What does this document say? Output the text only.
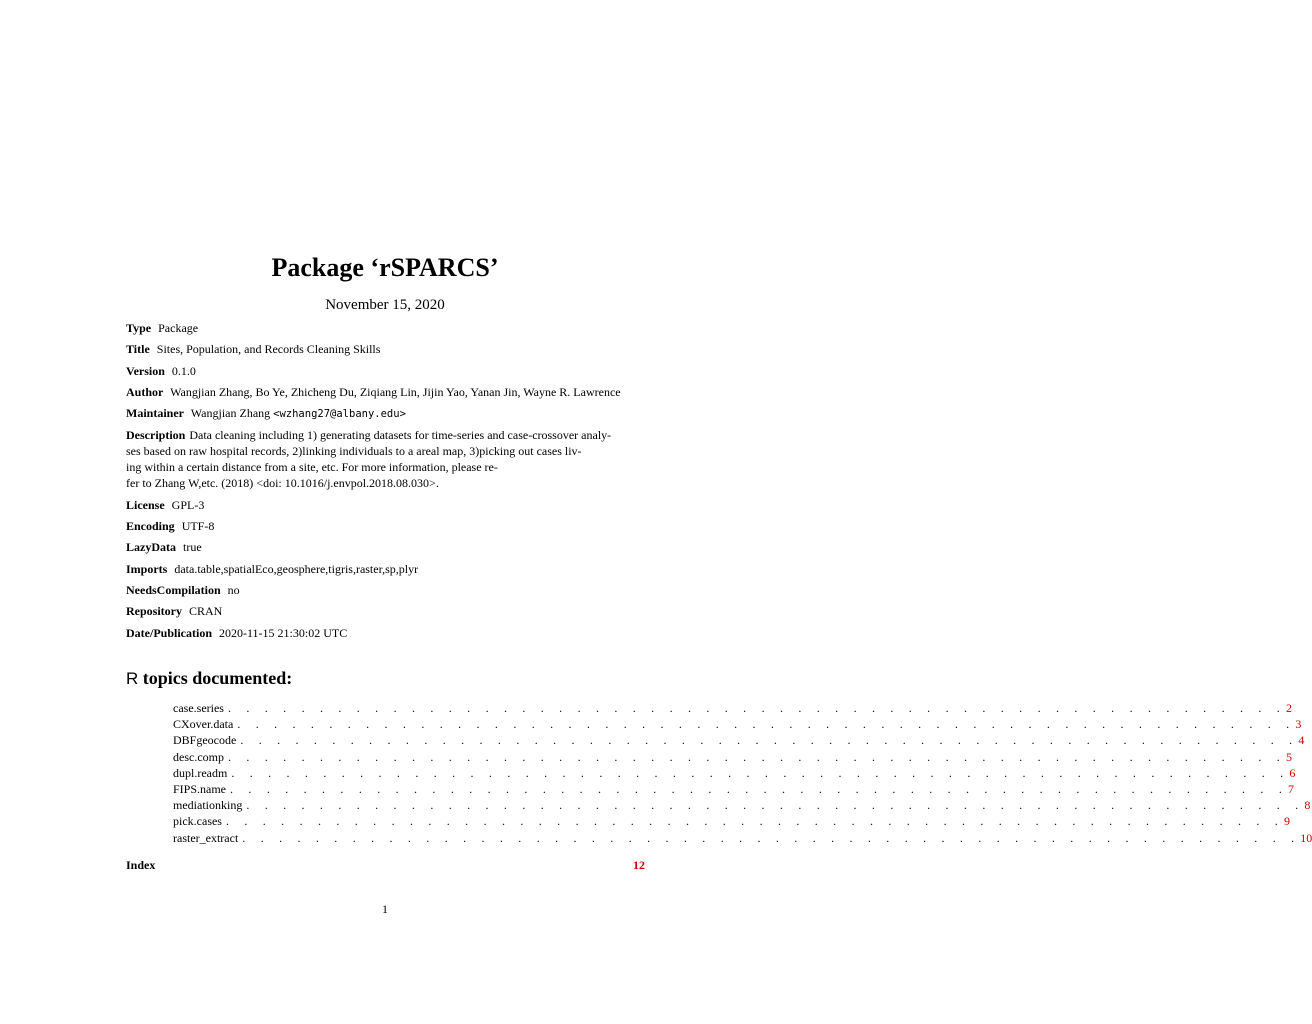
Package ‘rSPARCS’
November 15, 2020
Type Package
Title Sites, Population, and Records Cleaning Skills
Version 0.1.0
Author Wangjian Zhang, Bo Ye, Zhicheng Du, Ziqiang Lin, Jijin Yao, Yanan Jin, Wayne R. Lawrence
Maintainer Wangjian Zhang <wzhang27@albany.edu>
Description Data cleaning including 1) generating datasets for time-series and case-crossover analy-
ses based on raw hospital records, 2)linking individuals to a areal map, 3)picking out cases liv-
ing within a certain distance from a site, etc. For more information, please re-
fer to Zhang W,etc. (2018) <doi: 10.1016/j.envpol.2018.08.030>.
License GPL-3
Encoding UTF-8
LazyData true
Imports data.table,spatialEco,geosphere,tigris,raster,sp,plyr
NeedsCompilation no
Repository CRAN
Date/Publication 2020-11-15 21:30:02 UTC
R topics documented:
case.series . . . . . . . . . . . . . . . . . . . . . . . . . . . . . . . . . . . . . . . . . . . . . . . . . . . . . . . . . . 2
CXover.data . . . . . . . . . . . . . . . . . . . . . . . . . . . . . . . . . . . . . . . . . . . . . . . . . . . . . . . . . . 3
DBFgeocode . . . . . . . . . . . . . . . . . . . . . . . . . . . . . . . . . . . . . . . . . . . . . . . . . . . . . . . . . . 4
desc.comp . . . . . . . . . . . . . . . . . . . . . . . . . . . . . . . . . . . . . . . . . . . . . . . . . . . . . . . . . . 5
dupl.readm . . . . . . . . . . . . . . . . . . . . . . . . . . . . . . . . . . . . . . . . . . . . . . . . . . . . . . . . . . 6
FIPS.name . . . . . . . . . . . . . . . . . . . . . . . . . . . . . . . . . . . . . . . . . . . . . . . . . . . . . . . . . . 7
mediationking . . . . . . . . . . . . . . . . . . . . . . . . . . . . . . . . . . . . . . . . . . . . . . . . . . . . . . . . . . 8
pick.cases . . . . . . . . . . . . . . . . . . . . . . . . . . . . . . . . . . . . . . . . . . . . . . . . . . . . . . . . . . 9
raster_extract . . . . . . . . . . . . . . . . . . . . . . . . . . . . . . . . . . . . . . . . . . . . . . . . . . . . . . . . . . 10
Index	12
1
